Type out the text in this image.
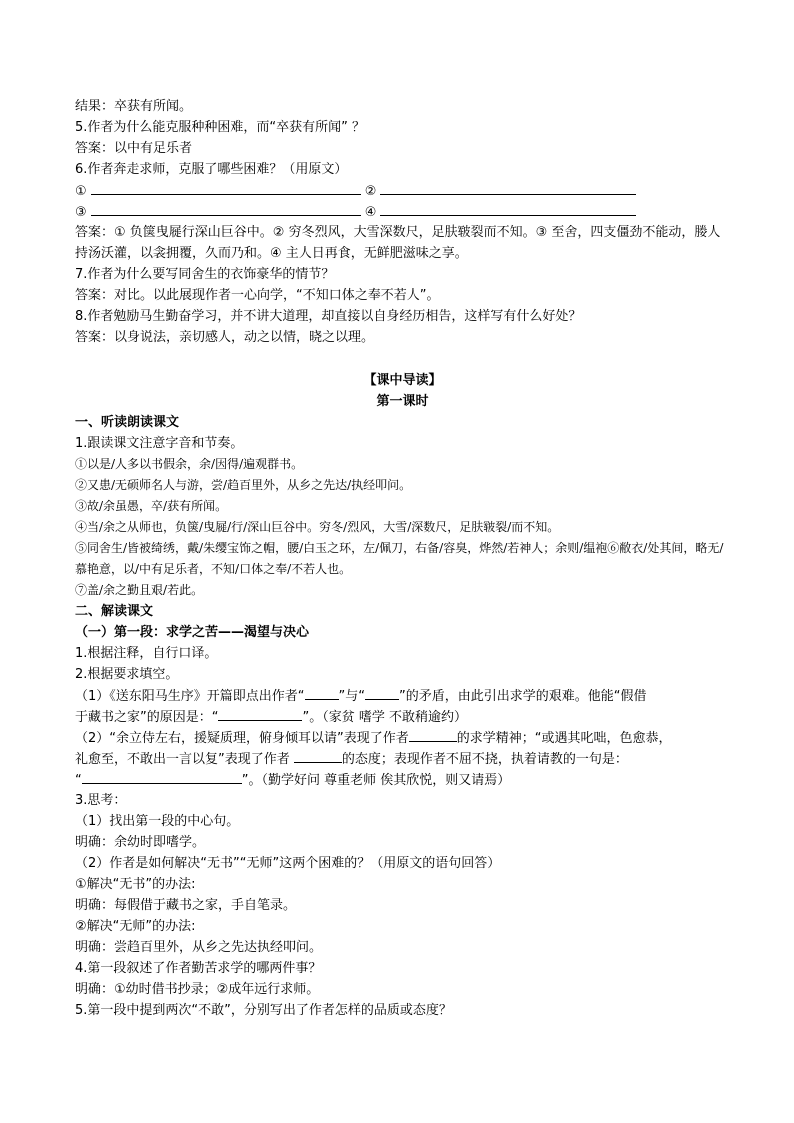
结果：卒获有所闻。
5.作者为什么能克服种种困难，而“卒获有所闻” ？
答案：以中有足乐者
6.作者奔走求师，克服了哪些困难？（用原文）
①	②
③	④
答案：① 负箧曳屣行深山巨谷中。② 穷冬烈风，大雪深数尺，足肤皲裂而不知。③ 至舍，四支僵劲不能动，媵人持汤沃灌，以衾拥覆，久而乃和。④ 主人日再食，无鲜肥滋味之享。
7.作者为什么要写同舍生的衣饰豪华的情节？
答案：对比。以此展现作者一心向学，“不知口体之奉不若人”。
8.作者勉励马生勤奋学习，并不讲大道理，却直接以自身经历相告，这样写有什么好处？
答案：以身说法，亲切感人，动之以情，晓之以理。
【课中导读】
第一课时
一、听读朗读课文
1.跟读课文注意字音和节奏。
①以是/人多以书假余，余/因得/遍观群书。
②又患/无硕师名人与游，尝/趋百里外，从乡之先达/执经叩问。
③故/余虽愚，卒/获有所闻。
④当/余之从师也，负箧/曳屣/行/深山巨谷中。穷冬/烈风，大雪/深数尺，足肤皲裂/而不知。
⑤同舍生/皆被绮绣，戴/朱缨宝饰之帽，腰/白玉之环，左/佩刀，右备/容臭，烨然/若神人；余则/缊袍⑥敝衣/处其间，略无/慕艳意，以/中有足乐者，不知/口体之奉/不若人也。
⑦盖/余之勤且艰/若此。
二、解读课文
（一）第一段：求学之苦——渴望与决心
1.根据注释，自行口译。
2.根据要求填空。
（1）《送东阳马生序》开篇即点出作者“	”与“	”的矛盾，由此引出求学的艰难。他能“假借
于藏书之家”的原因是：“	”。（家贫 嗜学 不敢稍逾约）
（2）“余立侍左右，援疑质理，俯身倾耳以请”表现了作者	的求学精神；“或遇其叱咄，色愈恭，
礼愈至，不敢出一言以复”表现了作者	的态度；表现作者不屈不挠，执着请教的一句是：
“	”。（勤学好问 尊重老师 俟其欣悦，则又请焉）
3.思考：
（1）找出第一段的中心句。
明确：余幼时即嗜学。
（2）作者是如何解决“无书”“无师”这两个困难的？（用原文的语句回答）
①解决“无书”的办法:
明确：每假借于藏书之家，手自笔录。
②解决“无师”的办法:
明确：尝趋百里外，从乡之先达执经叩问。
4.第一段叙述了作者勤苦求学的哪两件事？
明确：①幼时借书抄录；②成年远行求师。
5.第一段中提到两次“不敢”，分别写出了作者怎样的品质或态度？
